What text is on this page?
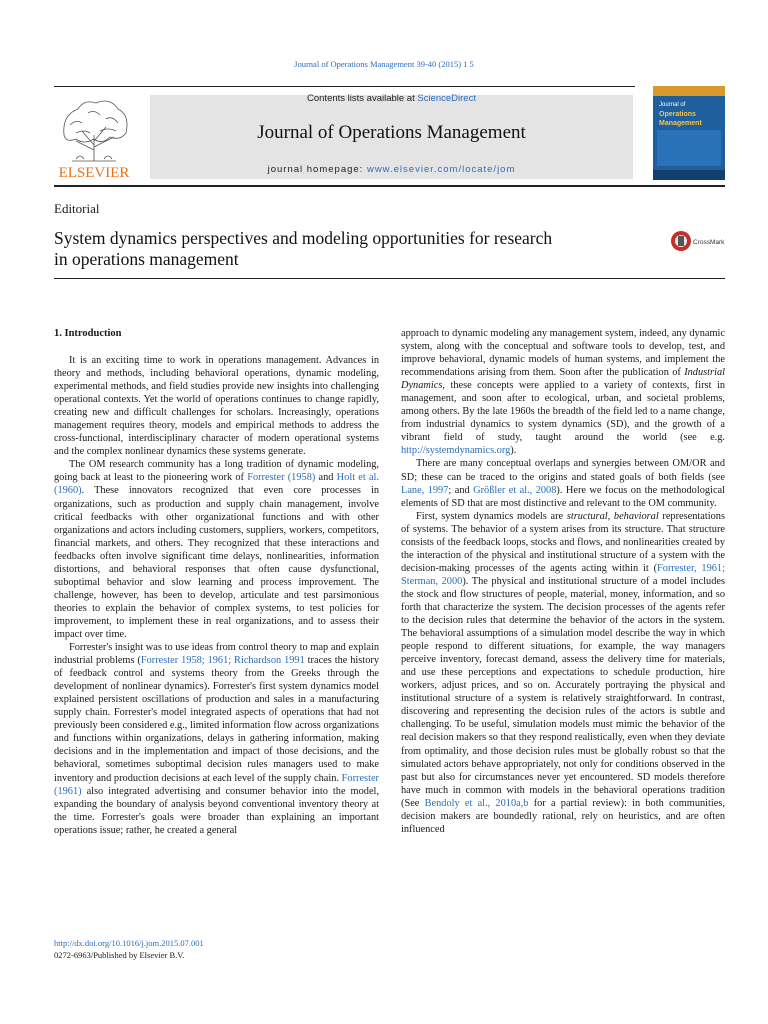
Journal of Operations Management 39-40 (2015) 1 5
Contents lists available at ScienceDirect
Journal of Operations Management
journal homepage: www.elsevier.com/locate/jom
ELSEVIER
Journal of
Operations
Management
Editorial
System dynamics perspectives and modeling opportunities for research
in operations management
CrossMark
1. Introduction

It is an exciting time to work in operations management. Advances in theory and methods, including behavioral operations, dynamic modeling, experimental methods, and field studies provide new insights into challenging operational contexts. Yet the world of operations continues to change rapidly, creating new and difficult challenges for scholars. Increasingly, operations management requires theory, models and empirical methods to address the cross-functional, interdisciplinary character of modern operational systems and the complex nonlinear dynamics these systems generate.

The OM research community has a long tradition of dynamic modeling, going back at least to the pioneering work of Forrester (1958) and Holt et al. (1960). These innovators recognized that even core processes in organizations, such as production and supply chain management, involve critical feedbacks with other organizational functions and with other organizations and actors including customers, suppliers, workers, competitors, financial markets, and others. They recognized that these interactions and feedbacks often involve significant time delays, nonlinearities, information distortions, and behavioral responses that often cause dysfunctional, suboptimal behavior and slow learning and process improvement. The challenge, however, has been to develop, articulate and test parsimonious theories to explain the behavior of complex systems, to test policies for improvement, to implement these in real organizations, and to assess their impact over time.

Forrester's insight was to use ideas from control theory to map and explain industrial problems (Forrester 1958; 1961; Richardson 1991 traces the history of feedback control and systems theory from the Greeks through the development of nonlinear dynamics). Forrester's first system dynamics model explained persistent oscillations of production and sales in a manufacturing supply chain. Forrester's model integrated aspects of operations that had not previously been considered e.g., limited information flow across organizations and functions within organizations, delays in gathering information, making decisions and in the implementation and impact of those decisions, and the behavioral, sometimes suboptimal decision rules managers used to make inventory and production decisions at each level of the supply chain. Forrester (1961) also integrated advertising and consumer behavior into the model, expanding the boundary of analysis beyond conventional inventory theory at the time. Forrester's goals were broader than explaining an important operations issue; rather, he created a general

approach to dynamic modeling any management system, indeed, any dynamic system, along with the conceptual and software tools to develop, test, and improve behavioral, dynamic models of human systems, and implement the recommendations arising from them. Soon after the publication of Industrial Dynamics, these concepts were applied to a variety of contexts, first in management, and soon after to ecological, urban, and societal problems, among others. By the late 1960s the breadth of the field led to a name change, from industrial dynamics to system dynamics (SD), and the growth of a vibrant field of study, taught around the world (see e.g. http://systemdynamics.org).

There are many conceptual overlaps and synergies between OM/OR and SD; these can be traced to the origins and stated goals of both fields (see Lane, 1997; and Größler et al., 2008). Here we focus on the methodological elements of SD that are most distinctive and relevant to the OM community.

First, system dynamics models are structural, behavioral representations of systems. The behavior of a system arises from its structure. That structure consists of the feedback loops, stocks and flows, and nonlinearities created by the interaction of the physical and institutional structure of a system with the decision-making processes of the agents acting within it (Forrester, 1961; Sterman, 2000). The physical and institutional structure of a model includes the stock and flow structures of people, material, money, information, and so forth that characterize the system. The decision processes of the agents refer to the decision rules that determine the behavior of the actors in the system. The behavioral assumptions of a simulation model describe the way in which people respond to different situations, for example, the way managers perceive inventory, forecast demand, assess the delivery time for materials, and use these perceptions and expectations to schedule production, hire workers, adjust prices, and so on. Accurately portraying the physical and institutional structure of a system is relatively straightforward. In contrast, discovering and representing the decision rules of the actors is subtle and challenging. To be useful, simulation models must mimic the behavior of the real decision makers so that they respond realistically, even when they deviate from optimality, and those decision rules must be globally robust so that the simulated actors behave appropriately, not only for conditions observed in the past but also for circumstances never yet encountered. SD models therefore have much in common with models in the behavioral operations tradition (See Bendoly et al., 2010a,b for a partial review): in both communities, decision makers are boundedly rational, rely on heuristics, and are often influenced

http://dx.doi.org/10.1016/j.jom.2015.07.001
0272-6963/Published by Elsevier B.V.
